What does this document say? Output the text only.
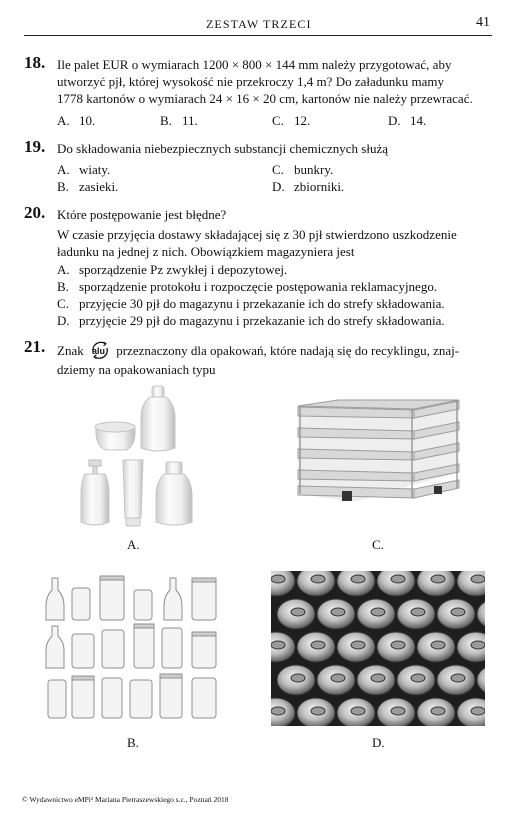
ZESTAW TRZECI	41
18. Ile palet EUR o wymiarach 1200 × 800 × 144 mm należy przygotować, aby
utworzyć pjł, której wysokość nie przekroczy 1,4 m? Do załadunku mamy
1778 kartonów o wymiarach 24 × 16 × 20 cm, kartonów nie należy przewracać.
A. 10.	B. 11.	C. 12.	D. 14.
19. Do składowania niebezpiecznych substancji chemicznych służą
A. wiaty.
B. zasieki.
C. bunkry.
D. zbiorniki.
20. Które postępowanie jest błędne?
W czasie przyjęcia dostawy składającej się z 30 pjł stwierdzono uszkodzenie
ładunku na jednej z nich. Obowiązkiem magazyniera jest
A. sporządzenie Pz zwykłej i depozytowej.
B. sporządzenie protokołu i rozpoczęcie postępowania reklamacyjnego.
C. przyjęcie 30 pjł do magazynu i przekazanie ich do strefy składowania.
D. przyjęcie 29 pjł do magazynu i przekazanie ich do strefy składowania.
21. Znak alu przeznaczony dla opakowań, które nadają się do recyklingu, znaj-
dziemy na opakowaniach typu
A.	C.
B.	D.
© Wydawnictwo eMPi² Mariana Pietraszewskiego s.c., Poznań 2018
